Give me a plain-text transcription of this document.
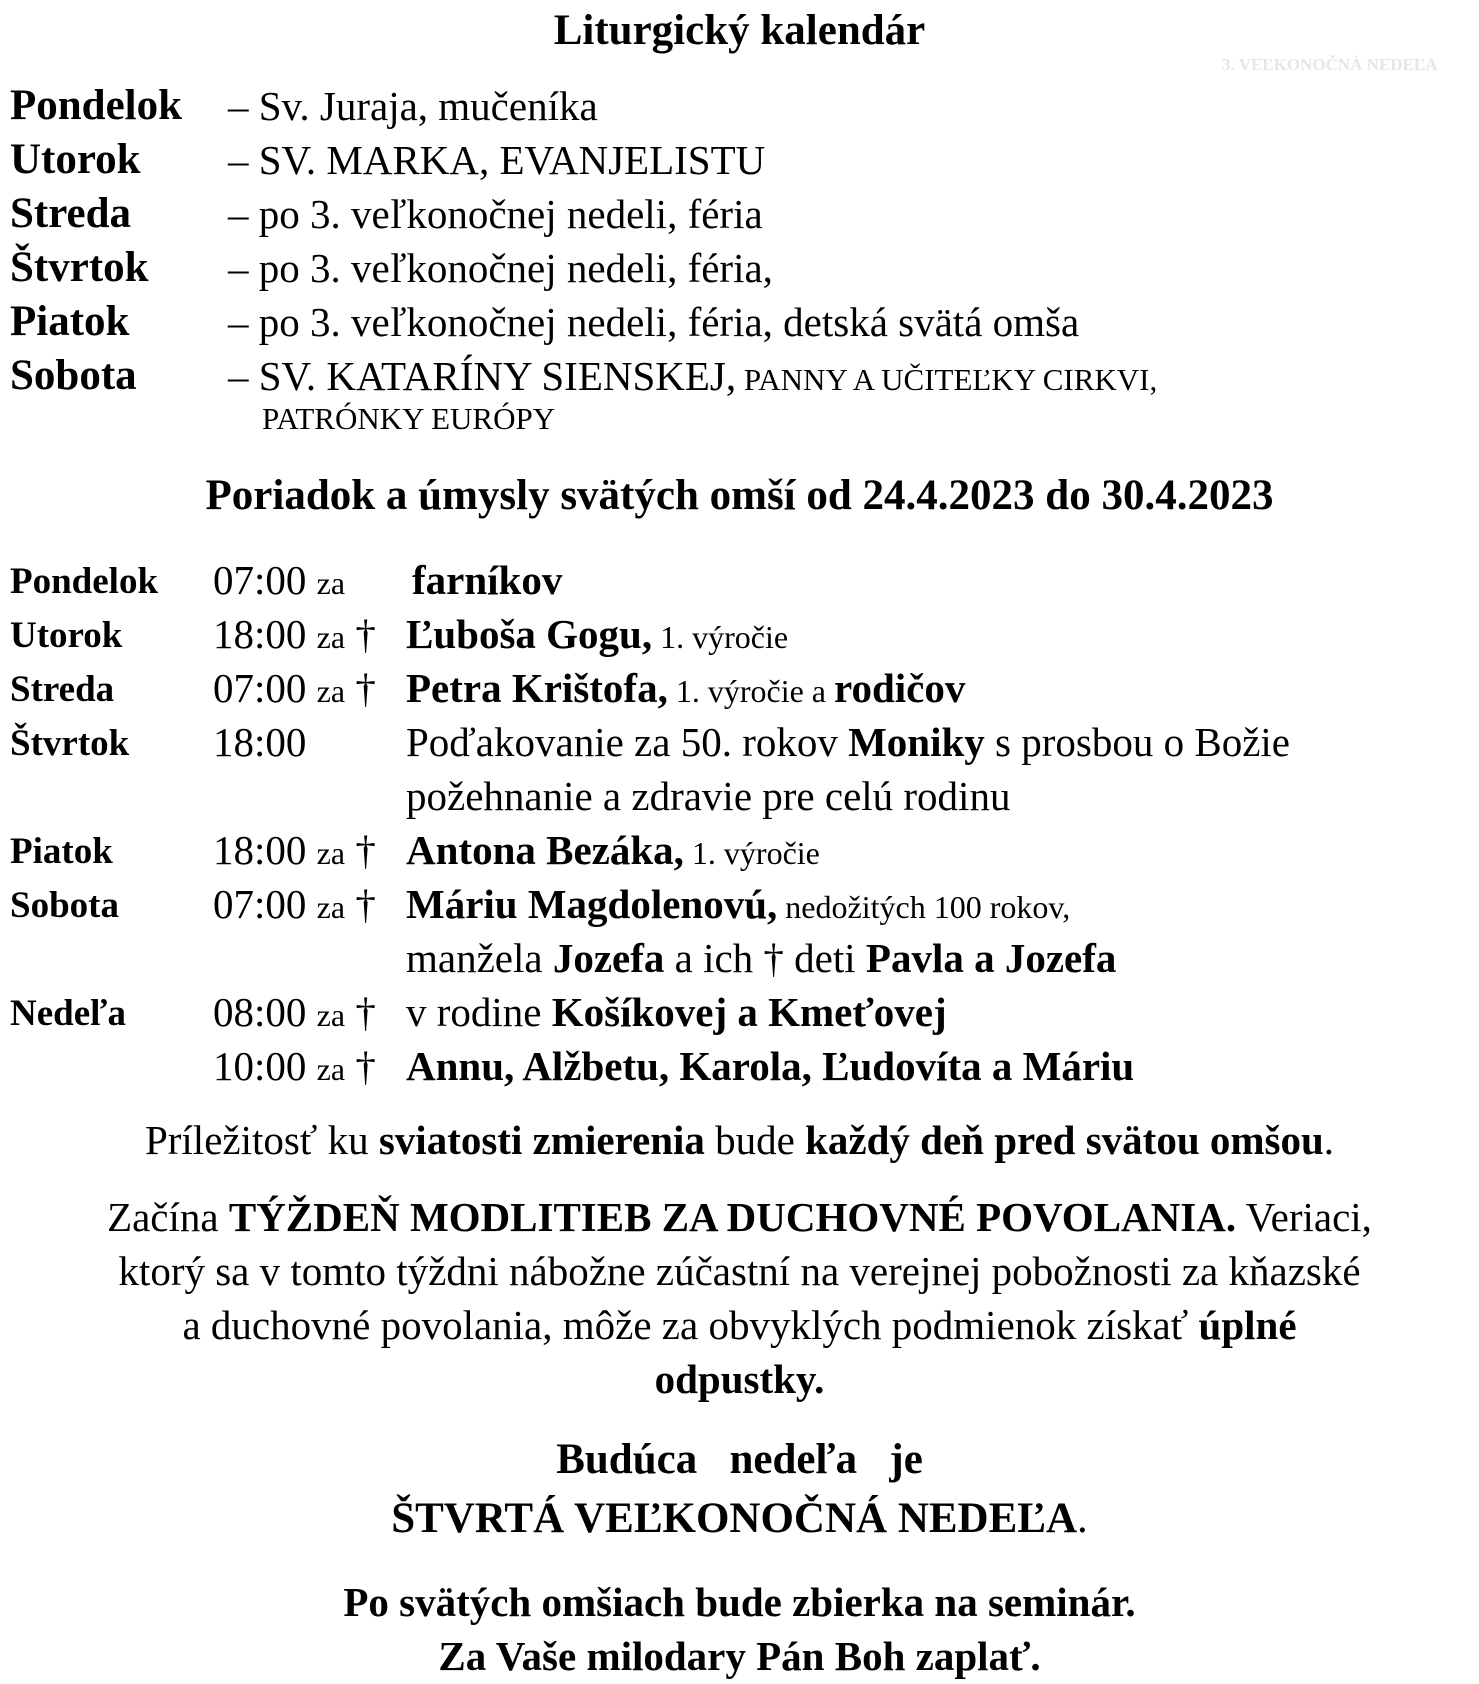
3. VEĽKONOČNÁ NEDEĽA
Liturgický kalendár
Pondelok – Sv. Juraja, mučeníka
Utorok – SV. MARKA, EVANJELISTU
Streda – po 3. veľkonočnej nedeli, féria
Štvrtok – po 3. veľkonočnej nedeli, féria,
Piatok – po 3. veľkonočnej nedeli, féria, detská svätá omša
Sobota – SV. KATARÍNY SIENSKEJ, PANNY A UČITEĽKY CIRKVI,
PATRÓNKY EURÓPY
Poriadok a úmysly svätých omší od 24.4.2023 do 30.4.2023
Pondelok 07:00 za farníkov
Utorok 18:00 za † Ľuboša Gogu, 1. výročie
Streda 07:00 za † Petra Krištofa, 1. výročie a rodičov
Štvrtok 18:00 Poďakovanie za 50. rokov Moniky s prosbou o Božie
požehnanie a zdravie pre celú rodinu
Piatok 18:00 za † Antona Bezáka, 1. výročie
Sobota 07:00 za † Máriu Magdolenovú, nedožitých 100 rokov,
manžela Jozefa a ich † deti Pavla a Jozefa
Nedeľa 08:00 za † v rodine Košíkovej a Kmeťovej
10:00 za † Annu, Alžbetu, Karola, Ľudovíta a Máriu
Príležitosť ku sviatosti zmierenia bude každý deň pred svätou omšou.
Začína TÝŽDEŇ MODLITIEB ZA DUCHOVNÉ POVOLANIA. Veriaci,
ktorý sa v tomto týždni nábožne zúčastní na verejnej pobožnosti za kňazské
a duchovné povolania, môže za obvyklých podmienok získať úplné
odpustky.
Budúca   nedeľa   je
ŠTVRTÁ VEĽKONOČNÁ NEDEĽA.
Po svätých omšiach bude zbierka na seminár.
Za Vaše milodary Pán Boh zaplať.
